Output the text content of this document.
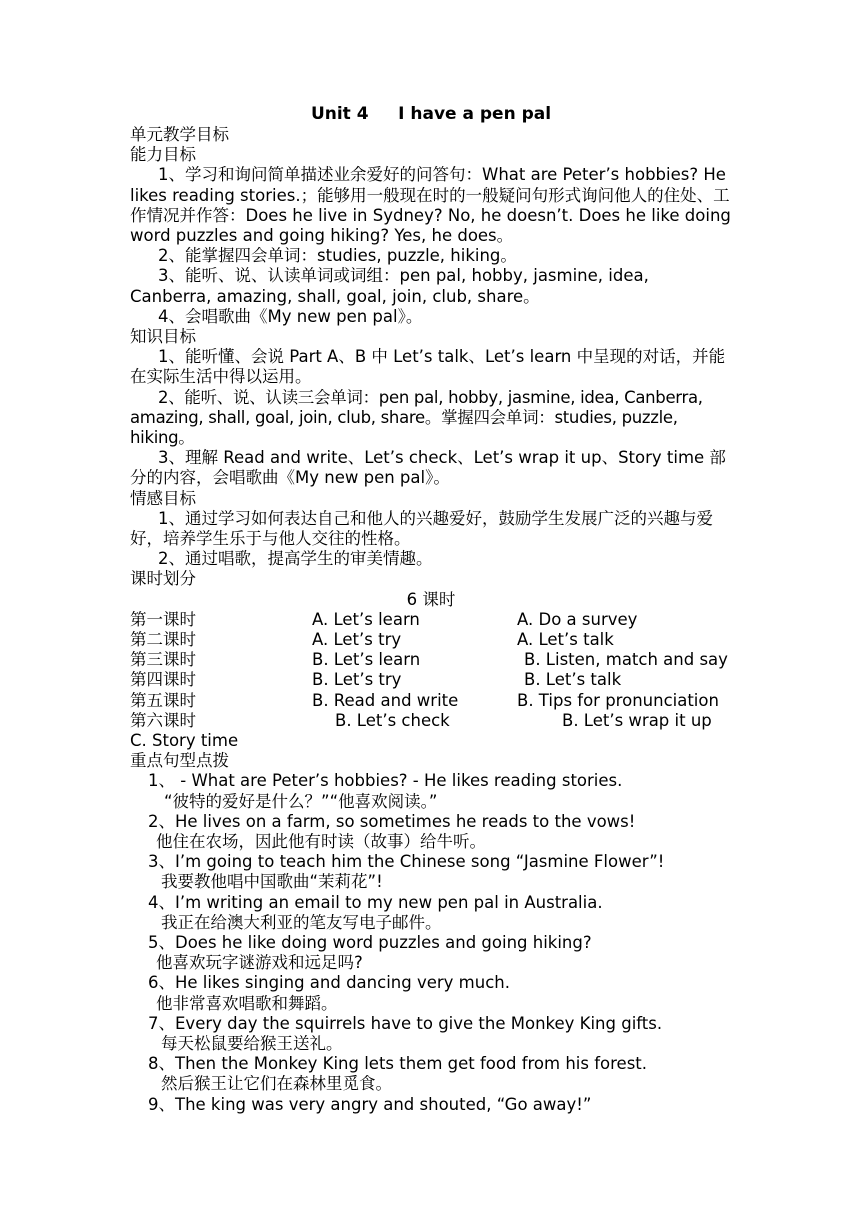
Unit 4     I have a pen pal
单元教学目标
能力目标
1、学习和询问简单描述业余爱好的问答句：What are Peter’s hobbies? He likes reading stories.；能够用一般现在时的一般疑问句形式询问他人的住处、工作情况并作答：Does he live in Sydney? No, he doesn’t. Does he like doing word puzzles and going hiking? Yes, he does。
2、能掌握四会单词：studies, puzzle, hiking。
3、能听、说、认读单词或词组：pen pal, hobby, jasmine, idea, Canberra, amazing, shall, goal, join, club, share。
4、会唱歌曲《My new pen pal》。
知识目标
1、能听懂、会说 Part A、B 中 Let’s talk、Let’s learn 中呈现的对话，并能在实际生活中得以运用。
2、能听、说、认读三会单词：pen pal, hobby, jasmine, idea, Canberra, amazing, shall, goal, join, club, share。掌握四会单词：studies, puzzle, hiking。
3、理解 Read and write、Let’s check、Let’s wrap it up、Story time 部分的内容，会唱歌曲《My new pen pal》。
情感目标
1、通过学习如何表达自己和他人的兴趣爱好，鼓励学生发展广泛的兴趣与爱好，培养学生乐于与他人交往的性格。
2、通过唱歌，提高学生的审美情趣。
课时划分
6 课时
第一课时	A. Let’s learn	A. Do a survey
第二课时	A. Let’s try	A. Let’s talk
第三课时	B. Let’s learn	B. Listen, match and say
第四课时	B. Let’s try	B. Let’s talk
第五课时	B. Read and write	B. Tips for pronunciation
第六课时	B. Let’s check	B. Let’s wrap it up
C. Story time
重点句型点拨
1、 - What are Peter’s hobbies? - He likes reading stories.
“彼特的爱好是什么？”“他喜欢阅读。”
2、He lives on a farm, so sometimes he reads to the vows!
他住在农场，因此他有时读（故事）给牛听。
3、I’m going to teach him the Chinese song “Jasmine Flower”!
我要教他唱中国歌曲“茉莉花”!
4、I’m writing an email to my new pen pal in Australia.
我正在给澳大利亚的笔友写电子邮件。
5、Does he like doing word puzzles and going hiking?
他喜欢玩字谜游戏和远足吗?
6、He likes singing and dancing very much.
他非常喜欢唱歌和舞蹈。
7、Every day the squirrels have to give the Monkey King gifts.
每天松鼠要给猴王送礼。
8、Then the Monkey King lets them get food from his forest.
然后猴王让它们在森林里觅食。
9、The king was very angry and shouted, “Go away!”
